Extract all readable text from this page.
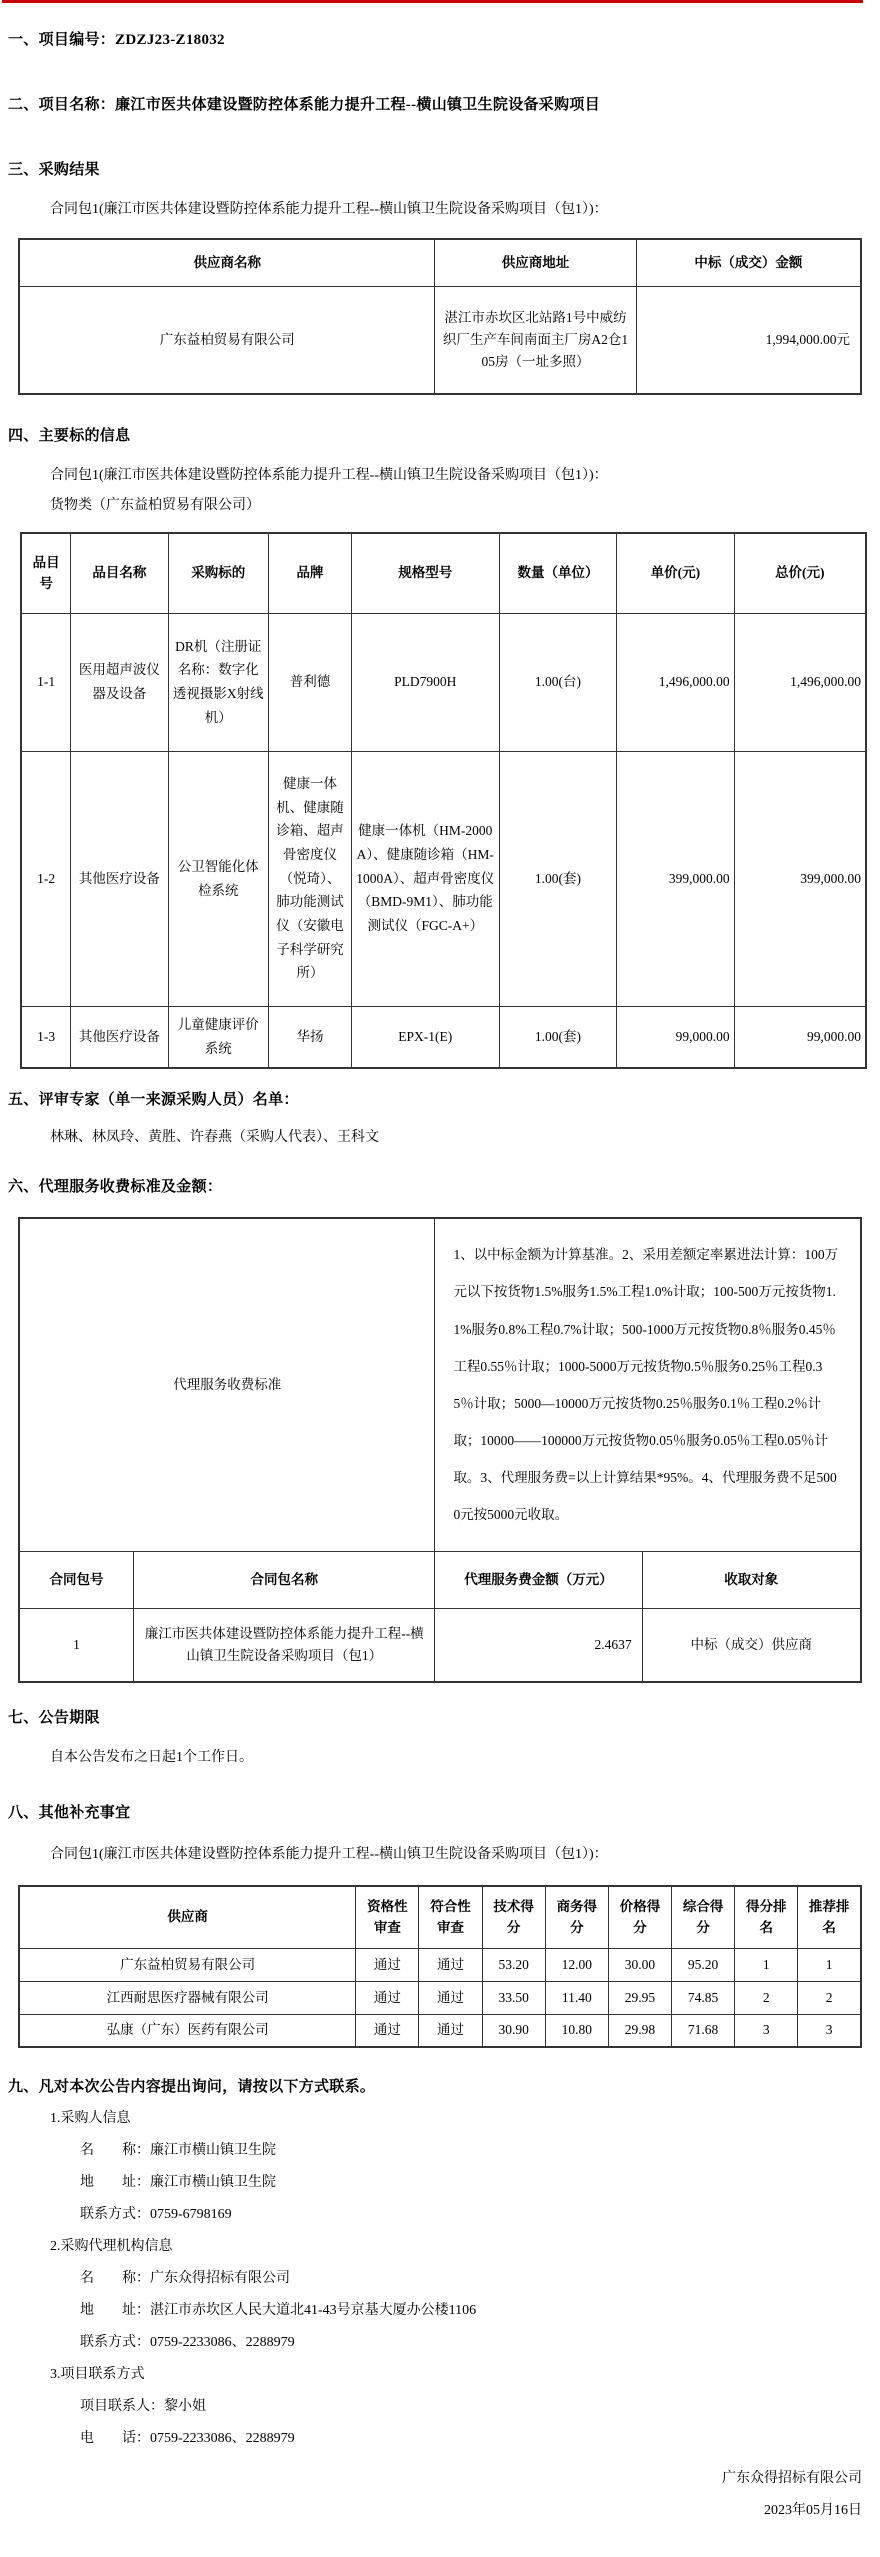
一、项目编号：ZDZJ23-Z18032
二、项目名称：廉江市医共体建设暨防控体系能力提升工程--横山镇卫生院设备采购项目
三、采购结果
合同包1(廉江市医共体建设暨防控体系能力提升工程--横山镇卫生院设备采购项目（包1）)：
供应商名称	供应商地址	中标（成交）金额
广东益柏贸易有限公司	湛江市赤坎区北站路1号中威纺织厂生产车间南面主厂房A2仓105房（一址多照）	1,994,000.00元
四、主要标的信息
合同包1(廉江市医共体建设暨防控体系能力提升工程--横山镇卫生院设备采购项目（包1）)：
货物类（广东益柏贸易有限公司）
品目号	品目名称	采购标的	品牌	规格型号	数量（单位）	单价(元)	总价(元)
1-1	医用超声波仪器及设备	DR机（注册证名称：数字化透视摄影X射线机）	普利德	PLD7900H	1.00(台)	1,496,000.00	1,496,000.00
1-2	其他医疗设备	公卫智能化体检系统	健康一体机、健康随诊箱、超声骨密度仪（悦琦）、肺功能测试仪（安徽电子科学研究所）	健康一体机（HM-2000A）、健康随诊箱（HM-1000A）、超声骨密度仪（BMD-9M1）、肺功能测试仪（FGC-A+）	1.00(套)	399,000.00	399,000.00
1-3	其他医疗设备	儿童健康评价系统	华扬	EPX-1(E)	1.00(套)	99,000.00	99,000.00
五、评审专家（单一来源采购人员）名单：
林琳、林凤玲、黄胜、许春燕（采购人代表）、王科文
六、代理服务收费标准及金额：
代理服务收费标准		1、以中标金额为计算基准。2、采用差额定率累进法计算：100万元以下按货物1.5%服务1.5%工程1.0%计取；100-500万元按货物1.1%服务0.8%工程0.7%计取；500-1000万元按货物0.8％服务0.45％工程0.55％计取；1000-5000万元按货物0.5％服务0.25％工程0.35％计取；5000—10000万元按货物0.25％服务0.1％工程0.2％计取；10000——100000万元按货物0.05％服务0.05％工程0.05％计取。3、代理服务费=以上计算结果*95%。4、代理服务费不足5000元按5000元收取。	
合同包号	合同包名称	代理服务费金额（万元）	收取对象
1	廉江市医共体建设暨防控体系能力提升工程--横山镇卫生院设备采购项目（包1）	2.4637	中标（成交）供应商
七、公告期限
自本公告发布之日起1个工作日。
八、其他补充事宜
合同包1(廉江市医共体建设暨防控体系能力提升工程--横山镇卫生院设备采购项目（包1）)：
供应商	资格性审查	符合性审查	技术得分	商务得分	价格得分	综合得分	得分排名	推荐排名
广东益柏贸易有限公司	通过	通过	53.20	12.00	30.00	95.20	1	1
江西耐思医疗器械有限公司	通过	通过	33.50	11.40	29.95	74.85	2	2
弘康（广东）医药有限公司	通过	通过	30.90	10.80	29.98	71.68	3	3
九、凡对本次公告内容提出询问，请按以下方式联系。
1.采购人信息
名　　称：廉江市横山镇卫生院
地　　址：廉江市横山镇卫生院
联系方式：0759-6798169
2.采购代理机构信息
名　　称：广东众得招标有限公司
地　　址：湛江市赤坎区人民大道北41-43号京基大厦办公楼1106
联系方式：0759-2233086、2288979
3.项目联系方式
项目联系人：黎小姐
电　　话：0759-2233086、2288979
广东众得招标有限公司
2023年05月16日
